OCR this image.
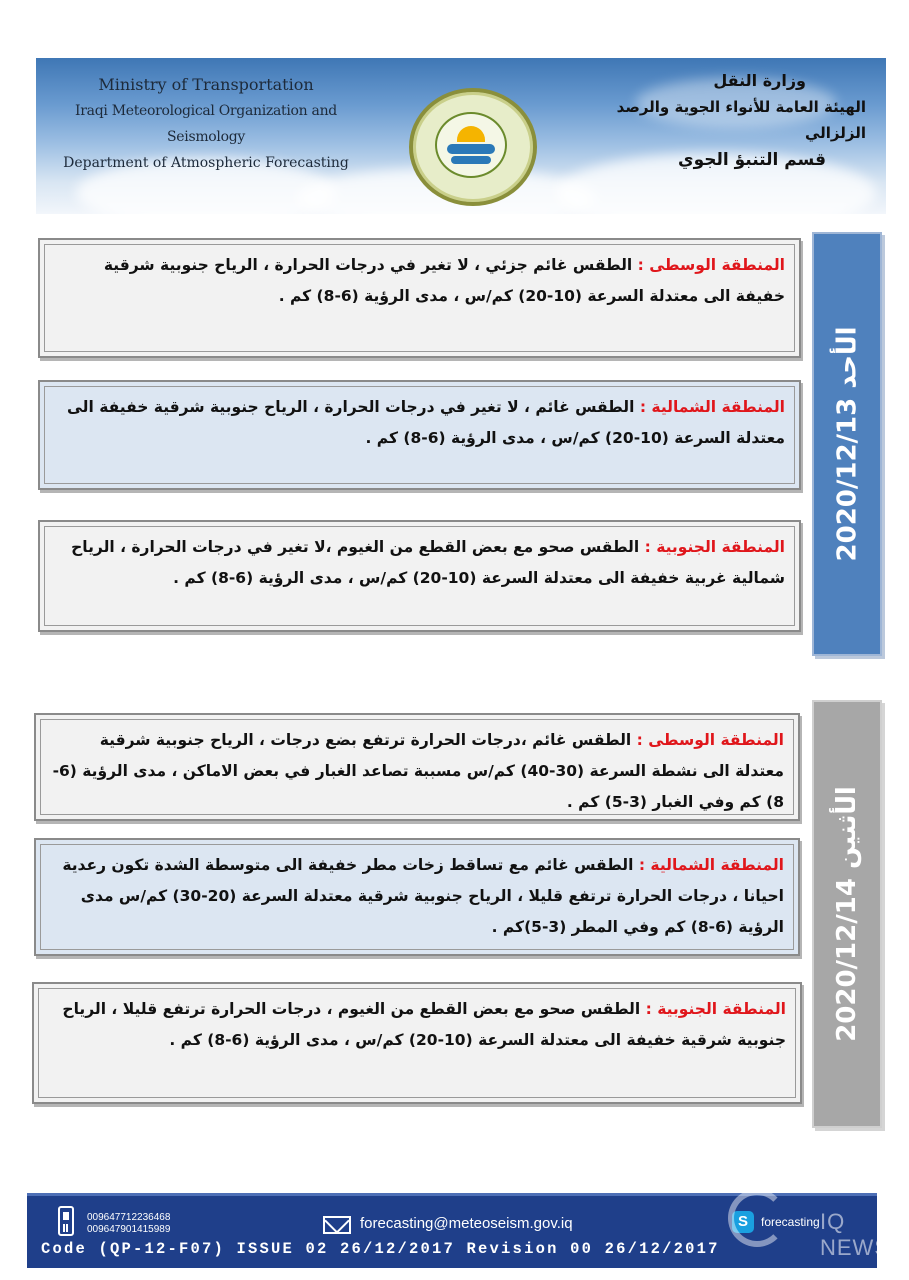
Ministry of Transportation
Iraqi Meteorological Organization and Seismology
Department of Atmospheric Forecasting
وزارة النقل
الهيئة العامة للأنواء الجوية والرصد الزلزالي
قسم التنبؤ الجوي
المنطقة الوسطى : الطقس غائم جزئي ، لا تغير في درجات الحرارة ، الرياح جنوبية شرقية خفيفة الى معتدلة السرعة (10-20) كم/س ، مدى الرؤية (6-8) كم .
المنطقة الشمالية : الطقس غائم ، لا تغير في درجات الحرارة ، الرياح جنوبية شرقية خفيفة الى معتدلة السرعة (10-20) كم/س ، مدى الرؤية (6-8) كم .
المنطقة الجنوبية : الطقس صحو مع بعض القطع من الغيوم ،لا تغير في درجات الحرارة ، الرياح شمالية غربية خفيفة الى معتدلة السرعة (10-20) كم/س ، مدى الرؤية (6-8) كم .
الأحد 2020/12/13
المنطقة الوسطى : الطقس غائم ،درجات الحرارة ترتفع بضع درجات ، الرياح جنوبية شرقية معتدلة الى نشطة السرعة (30-40) كم/س مسببة تصاعد الغبار في بعض الاماكن ، مدى الرؤية (6-8) كم وفي الغبار (3-5) كم .
المنطقة الشمالية : الطقس غائم مع تساقط زخات مطر خفيفة الى متوسطة الشدة تكون رعدية احيانا ، درجات الحرارة ترتفع قليلا ، الرياح جنوبية شرقية معتدلة السرعة (20-30) كم/س مدى الرؤية (6-8) كم وفي المطر (3-5)كم .
المنطقة الجنوبية : الطقس صحو مع بعض القطع من الغيوم ، درجات الحرارة ترتفع قليلا ، الرياح جنوبية شرقية خفيفة الى معتدلة السرعة (10-20) كم/س ، مدى الرؤية (6-8) كم .	الأثنين 2020/12/14
009647712236468
009647901415989	forecasting@meteoseism.gov.iq	S	forecasting
Code (QP-12-F07) ISSUE 02 26/12/2017 Revision 00 26/12/2017
IQ NEWS
